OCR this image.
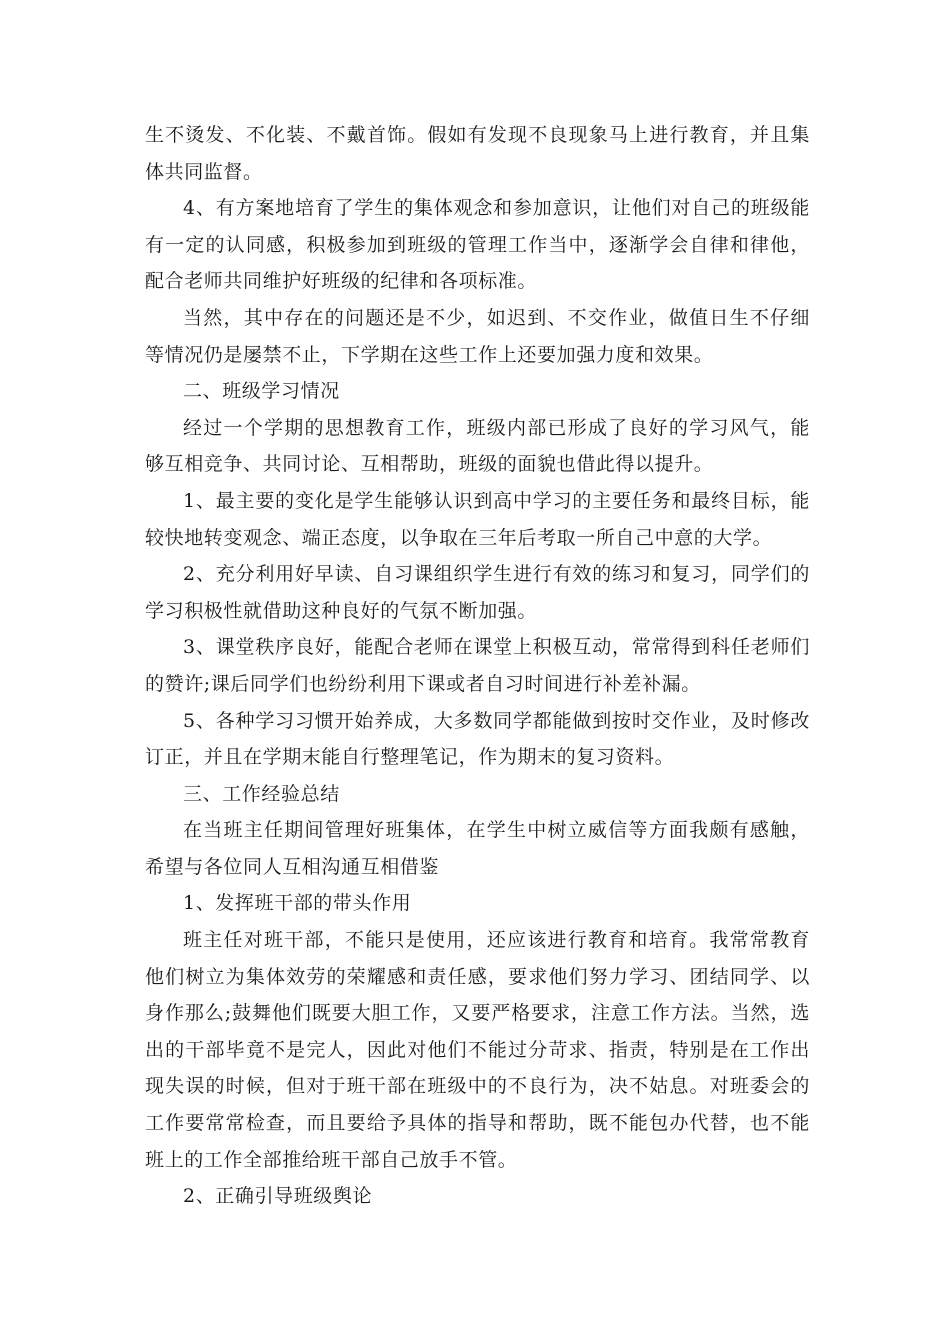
生不烫发、不化装、不戴首饰。假如有发现不良现象马上进行教育，并且集体共同监督。

4、有方案地培育了学生的集体观念和参加意识，让他们对自己的班级能有一定的认同感，积极参加到班级的管理工作当中，逐渐学会自律和律他，配合老师共同维护好班级的纪律和各项标准。

当然，其中存在的问题还是不少，如迟到、不交作业，做值日生不仔细等情况仍是屡禁不止，下学期在这些工作上还要加强力度和效果。

二、班级学习情况

经过一个学期的思想教育工作，班级内部已形成了良好的学习风气，能够互相竞争、共同讨论、互相帮助，班级的面貌也借此得以提升。

1、最主要的变化是学生能够认识到高中学习的主要任务和最终目标，能较快地转变观念、端正态度，以争取在三年后考取一所自己中意的大学。

2、充分利用好早读、自习课组织学生进行有效的练习和复习，同学们的学习积极性就借助这种良好的气氛不断加强。

3、课堂秩序良好，能配合老师在课堂上积极互动，常常得到科任老师们的赞许;课后同学们也纷纷利用下课或者自习时间进行补差补漏。

5、各种学习习惯开始养成，大多数同学都能做到按时交作业，及时修改订正，并且在学期末能自行整理笔记，作为期末的复习资料。

三、工作经验总结

在当班主任期间管理好班集体，在学生中树立威信等方面我颇有感触，希望与各位同人互相沟通互相借鉴

1、发挥班干部的带头作用

班主任对班干部，不能只是使用，还应该进行教育和培育。我常常教育他们树立为集体效劳的荣耀感和责任感，要求他们努力学习、团结同学、以身作那么;鼓舞他们既要大胆工作，又要严格要求，注意工作方法。当然，选出的干部毕竟不是完人，因此对他们不能过分苛求、指责，特别是在工作出现失误的时候，但对于班干部在班级中的不良行为，决不姑息。对班委会的工作要常常检查，而且要给予具体的指导和帮助，既不能包办代替，也不能班上的工作全部推给班干部自己放手不管。

2、正确引导班级舆论
